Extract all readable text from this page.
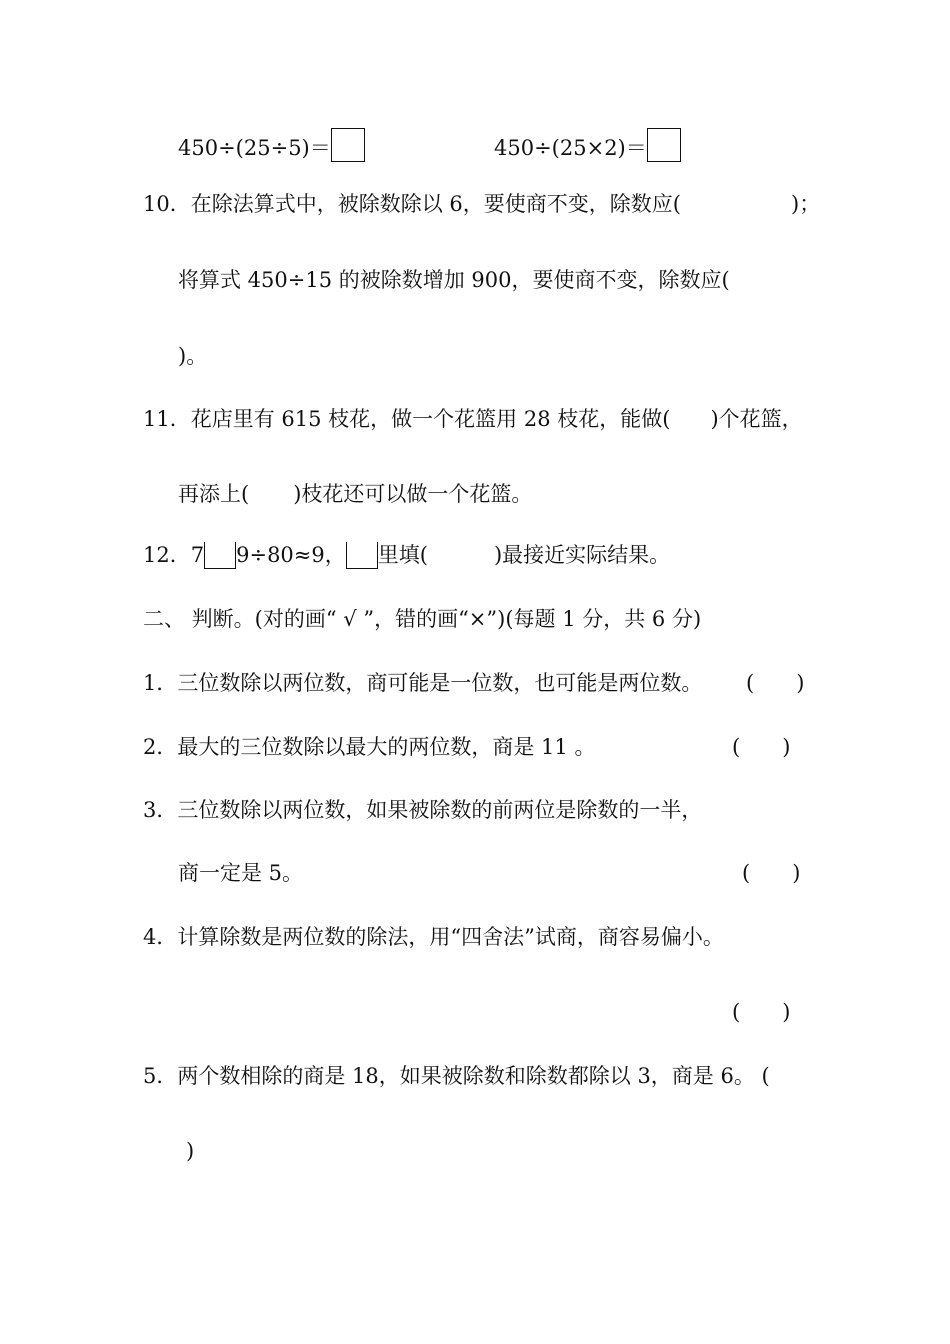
450÷(25÷5)＝	450÷(25×2)＝
10．在除法算式中，被除数除以 6，要使商不变，除数应(	)；
将算式 450÷15 的被除数增加 900，要使商不变，除数应(
)。
11．花店里有 615 枝花，做一个花篮用 28 枝花，能做( )个花篮，
再添上( )枝花还可以做一个花篮。
12．7 9÷80≈9， 里填(	)最接近实际结果。
二、 判断。(对的画“ √ ”，错的画“×”)(每题 1 分，共 6 分)
1．三位数除以两位数，商可能是一位数，也可能是两位数。 (　　)
2．最大的三位数除以最大的两位数，商是 11 。	(　　)
3．三位数除以两位数，如果被除数的前两位是除数的一半，
商一定是 5。	(　　)
4．计算除数是两位数的除法，用“四舍法”试商，商容易偏小。
(　　)
5．两个数相除的商是 18，如果被除数和除数都除以 3，商是 6。 (
)
